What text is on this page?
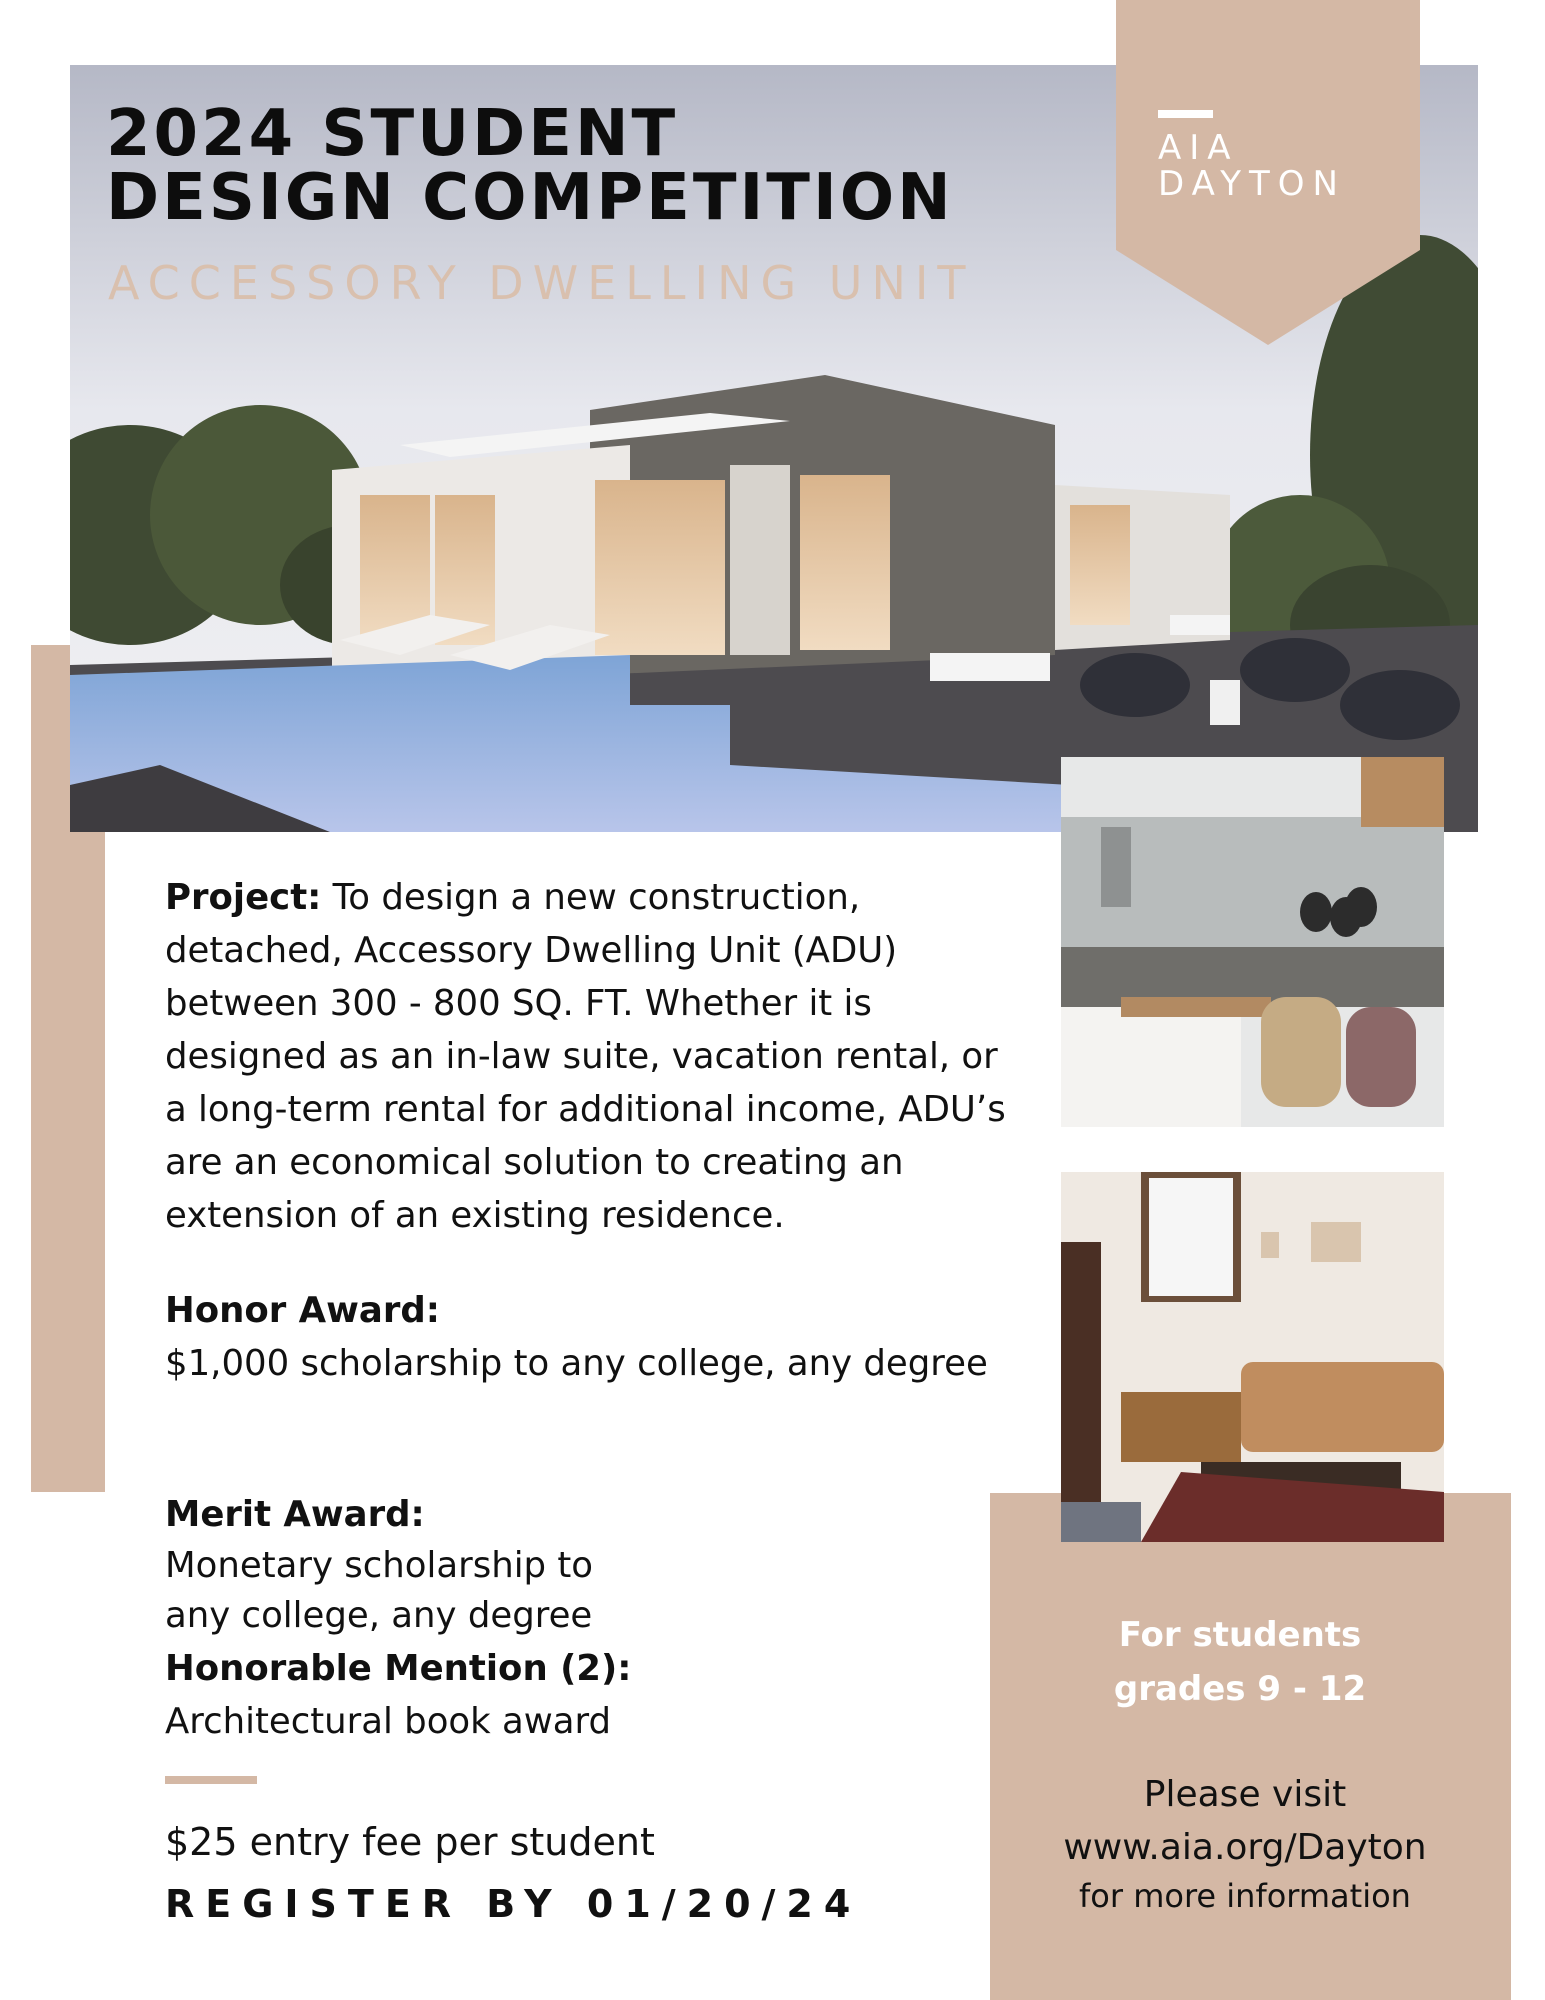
2024 STUDENT
DESIGN COMPETITION
ACCESSORY DWELLING UNIT
AIA
DAYTON

Project: To design a new construction, detached, Accessory Dwelling Unit (ADU) between 300 - 800 SQ. FT. Whether it is designed as an in-law suite, vacation rental, or a long-term rental for additional income, ADU’s are an economical solution to creating an extension of an existing residence.

Honor Award:
$1,000 scholarship to any college, any degree

Merit Award:
Monetary scholarship to
any college, any degree

Honorable Mention (2):
Architectural book award
$25 entry fee per student
REGISTER BY 01/20/24
For students
grades 9 - 12
Please visit
www.aia.org/Dayton
for more information
